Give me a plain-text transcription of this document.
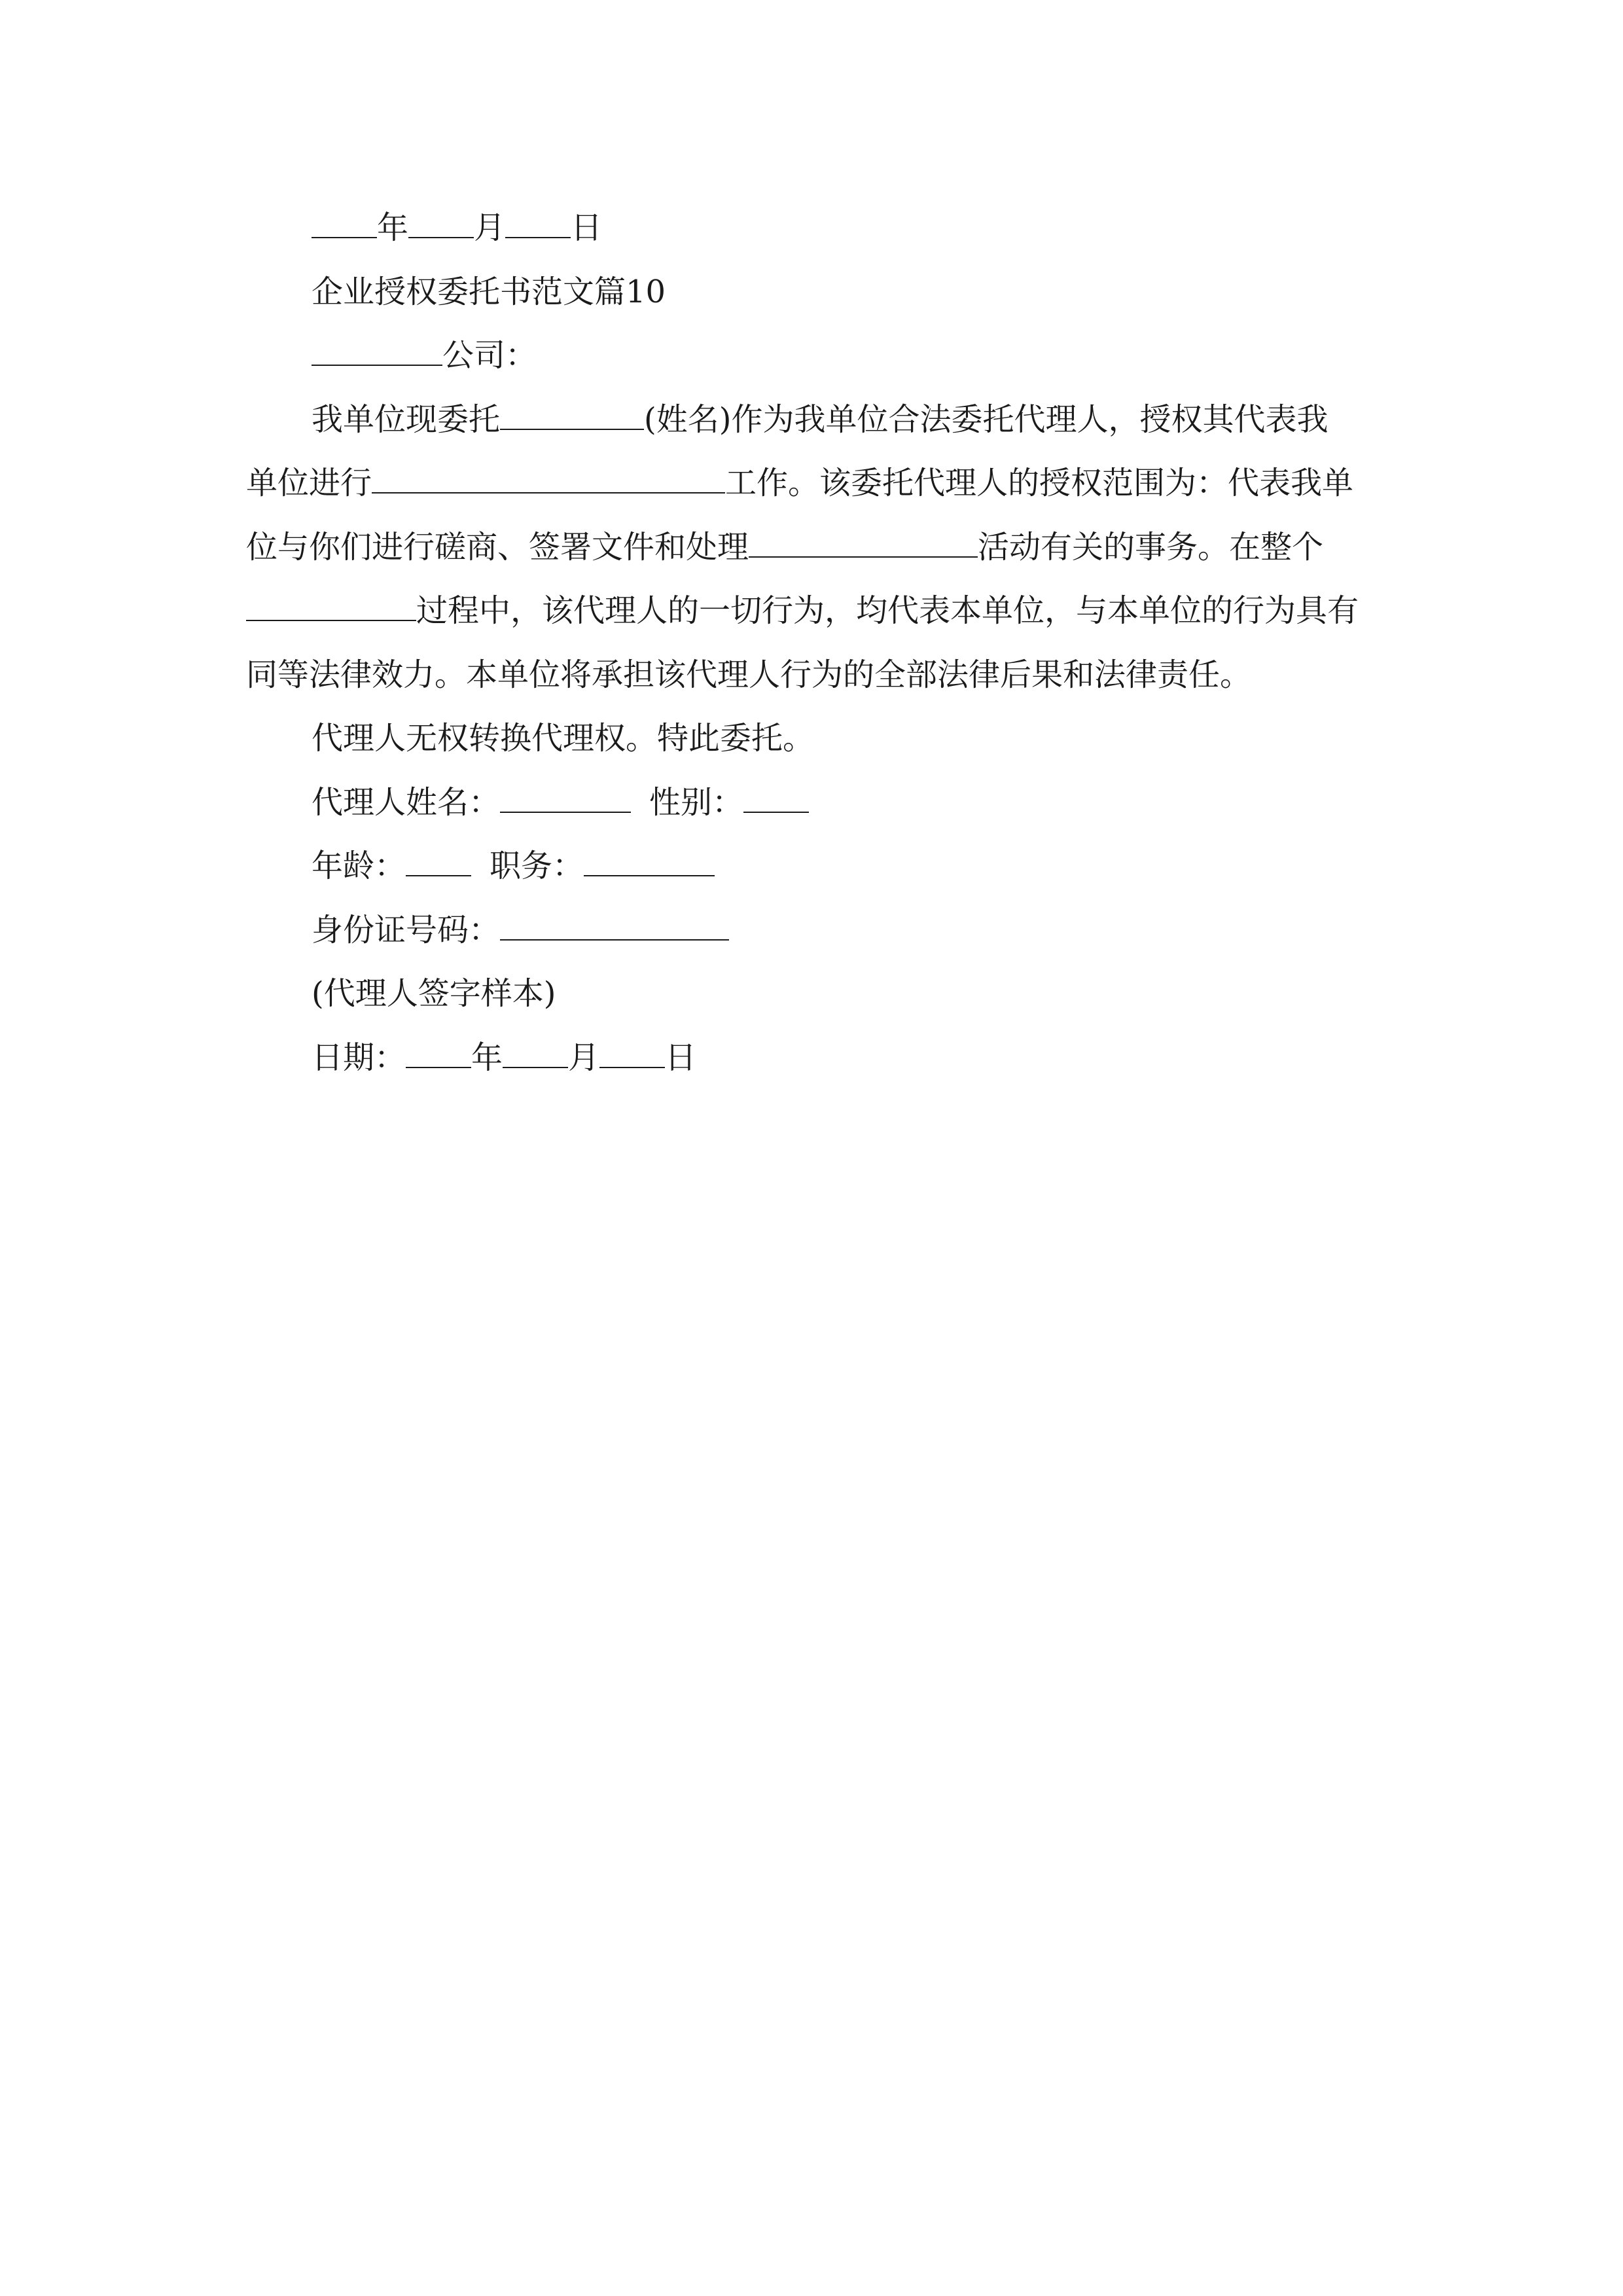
年 月 日
企业授权委托书范文篇10
公司：
我单位现委托	(姓名)作为我单位合法委托代理人，授权其代表我
单位进行	工作。该委托代理人的授权范围为：代表我单
位与你们进行磋商、签署文件和处理	活动有关的事务。在整个
过程中，该代理人的一切行为，均代表本单位，与本单位的行为具有
同等法律效力。本单位将承担该代理人行为的全部法律后果和法律责任。
代理人无权转换代理权。特此委托。
代理人姓名：	性别：
年龄：	职务：
身份证号码：
(代理人签字样本)
日期： 年 月 日
